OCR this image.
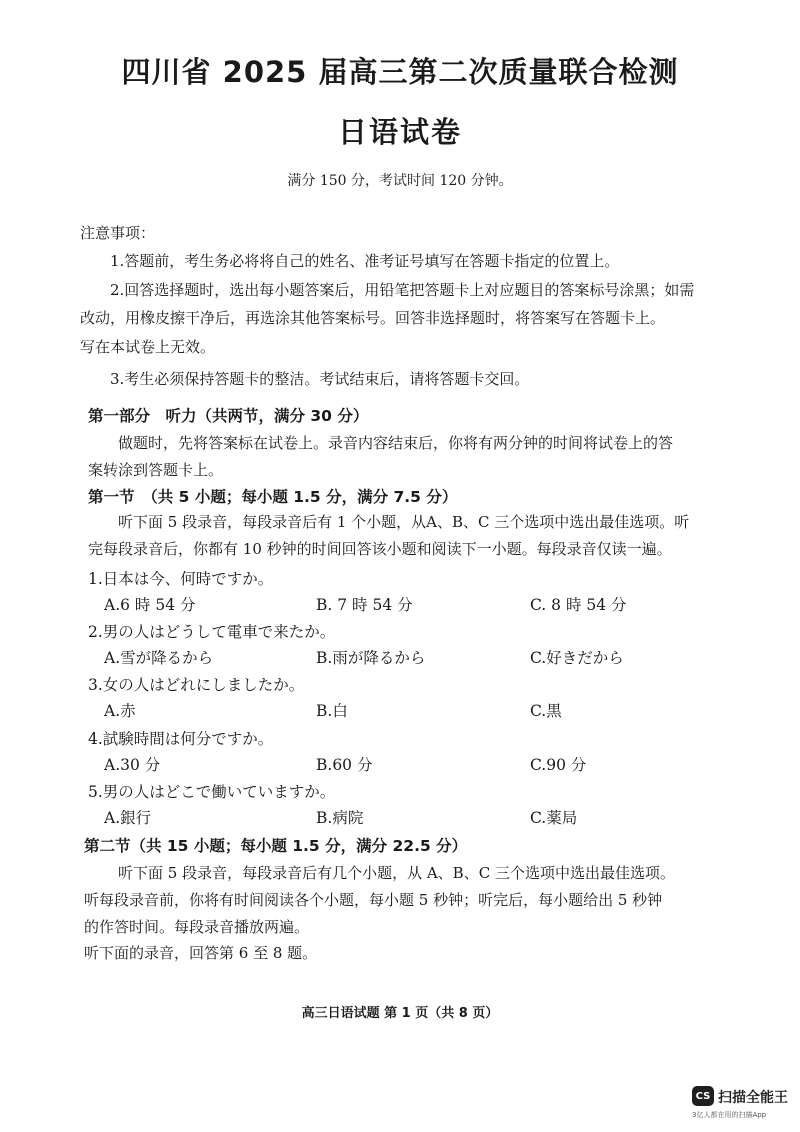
四川省 2025 届高三第二次质量联合检测
日语试卷
满分 150 分，考试时间 120 分钟。
注意事项：
1.答题前，考生务必将将自己的姓名、准考证号填写在答题卡指定的位置上。
2.回答选择题时，选出每小题答案后，用铅笔把答题卡上对应题目的答案标号涂黑；如需
改动，用橡皮擦干净后，再选涂其他答案标号。回答非选择题时，将答案写在答题卡上。
写在本试卷上无效。
3.考生必须保持答题卡的整洁。考试结束后，请将答题卡交回。
第一部分　听力（共两节，满分 30 分）
做题时，先将答案标在试卷上。录音内容结束后，你将有两分钟的时间将试卷上的答
案转涂到答题卡上。
第一节　（共 5 小题；每小题 1.5 分，满分 7.5 分）
听下面 5 段录音，每段录音后有 1 个小题，从A、B、C 三个选项中选出最佳选项。听
完每段录音后，你都有 10 秒钟的时间回答该小题和阅读下一小题。每段录音仅读一遍。
1.日本は今、何時ですか。
A.6 時 54 分	B. 7 時 54 分	C. 8 時 54 分
2.男の人はどうして電車で来たか。
A.雪が降るから	B.雨が降るから	C.好きだから
3.女の人はどれにしましたか。
A.赤	B.白	C.黒
4.試験時間は何分ですか。
A.30 分	B.60 分	C.90 分
5.男の人はどこで働いていますか。
A.銀行	B.病院	C.薬局
第二节（共 15 小题；每小题 1.5 分，满分 22.5 分）
听下面 5 段录音，每段录音后有几个小题，从 A、B、C 三个选项中选出最佳选项。
听每段录音前，你将有时间阅读各个小题，每小题 5 秒钟；听完后，每小题给出 5 秒钟
的作答时间。每段录音播放两遍。
听下面的录音，回答第 6 至 8 题。
高三日语试题 第 1 页（共 8 页）
CS 扫描全能王
3亿人都在用的扫描App
